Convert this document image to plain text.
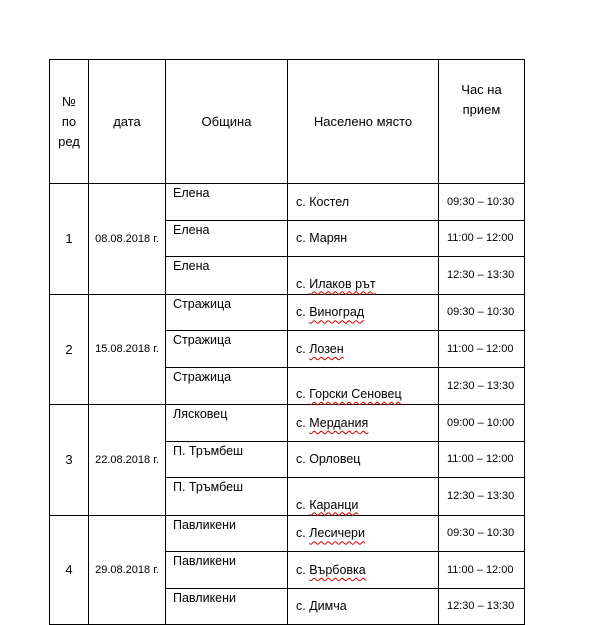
№
по
ред	дата	Община	Населено място	Час на
прием

1	08.08.2018 г.	Елена	с. Костел	09:30 – 10:30
		Елена	с. Марян	11:00 – 12:00
		Елена	с. Илаков рът	12:30 – 13:30
2	15.08.2018 г.	Стражица	с. Виноград	09:30 – 10:30
		Стражица	с. Лозен	11:00 – 12:00
		Стражица	с. Горски Сеновец	12:30 – 13:30
3	22.08.2018 г.	Лясковец	с. Мердания	09:00 – 10:00
		П. Тръмбеш	с. Орловец	11:00 – 12:00
		П. Тръмбеш	с. Каранци	12:30 – 13:30
4	29.08.2018 г.	Павликени	с. Лесичери	09:30 – 10:30
		Павликени	с. Върбовка	11:00 – 12:00
		Павликени	с. Димча	12:30 – 13:30
